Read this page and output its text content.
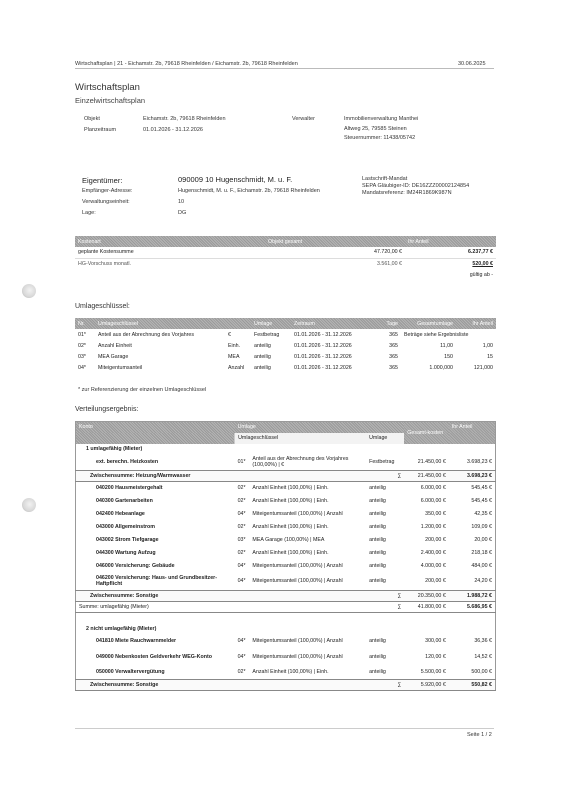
Wirtschaftsplan | 21 - Eichamstr. 2b, 79618 Rheinfelden / Eichamstr. 2b, 79618 Rheinfelden	30.06.2025
Wirtschaftsplan
Einzelwirtschaftsplan
Objekt	Eichamstr. 2b, 79618 Rheinfelden
Planzeitraum	01.01.2026 - 31.12.2026
Verwalter	Immobilienverwaltung Manthei
Altweg 25, 79585 Steinen
Steuernummer: 11438/05742
Eigentümer:	090009 10 Hugenschmidt, M. u. F.
Empfänger-Adresse:	Hugenschmidt, M. u. F., Eichamstr. 2b, 79618 Rheinfelden
Verwaltungseinheit:	10
Lage:	DG
Lastschrift-Mandat
SEPA Gläubiger-ID: DE16ZZZ00002124854
Mandatsreferenz: IM24R1869K987N
Kostenart	Objekt gesamt	Ihr Anteil
geplante Kostensumme	47.720,00 €	6.237,77 €
HG-Vorschuss monatl.	3.561,00 €	520,00 €
		gültig ab -
Umlageschlüssel:
Nr.	Umlageschlüssel		Umlage	Zeitraum	Tage	Gesamtumlage	Ihr Anteil
01*	Anteil aus der Abrechnung des Vorjahres	€	Festbetrag	01.01.2026 - 31.12.2026	365	Beträge siehe Ergebnisliste	
02*	Anzahl Einheit	Einh.	anteilig	01.01.2026 - 31.12.2026	365	11,00	1,00
03*	MEA Garage	MEA	anteilig	01.01.2026 - 31.12.2026	365	150	15
04*	Miteigentumsanteil	Anzahl	anteilig	01.01.2026 - 31.12.2026	365	1.000,000	121,000
* zur Referenzierung der einzelnen Umlageschlüssel
Verteilungsergebnis:
Konto	Umlage			Gesamt-kosten	Ihr Anteil
	Umlageschlüssel		Umlage		
1 umlagefähig (Mieter)					
ext. berechn. Heizkosten	01*	Anteil aus der Abrechnung des Vorjahres (100,00%) | €	Festbetrag	21.450,00 €	3.698,23 €
Zwischensumme: Heizung/Warmwasser			∑	21.450,00 €	3.698,23 €
040200 Hausmeistergehalt	02*	Anzahl Einheit (100,00%) | Einh.	anteilig	6.000,00 €	545,45 €
040300 Gartenarbeiten	02*	Anzahl Einheit (100,00%) | Einh.	anteilig	6.000,00 €	545,45 €
042400 Hebeanlage	04*	Miteigentumsanteil (100,00%) | Anzahl	anteilig	350,00 €	42,35 €
043000 Allgemeinstrom	02*	Anzahl Einheit (100,00%) | Einh.	anteilig	1.200,00 €	109,09 €
043002 Strom Tiefgarage	03*	MEA Garage (100,00%) | MEA	anteilig	200,00 €	20,00 €
044300 Wartung Aufzug	02*	Anzahl Einheit (100,00%) | Einh.	anteilig	2.400,00 €	218,18 €
046000 Versicherung: Gebäude	04*	Miteigentumsanteil (100,00%) | Anzahl	anteilig	4.000,00 €	484,00 €
046200 Versicherung: Haus- und Grundbesitzer-Haftpflicht	04*	Miteigentumsanteil (100,00%) | Anzahl	anteilig	200,00 €	24,20 €
Zwischensumme: Sonstige			∑	20.350,00 €	1.988,72 €
Summe: umlagefähig (Mieter)			∑	41.800,00 €	5.686,95 €

2 nicht umlagefähig (Mieter)					
041810 Miete Rauchwarnmelder	04*	Miteigentumsanteil (100,00%) | Anzahl	anteilig	300,00 €	36,36 €
049000 Nebenkosten Geldverkehr WEG-Konto	04*	Miteigentumsanteil (100,00%) | Anzahl	anteilig	120,00 €	14,52 €
050000 Verwaltervergütung	02*	Anzahl Einheit (100,00%) | Einh.	anteilig	5.500,00 €	500,00 €
Zwischensumme: Sonstige			∑	5.920,00 €	550,82 €
Seite 1 / 2
